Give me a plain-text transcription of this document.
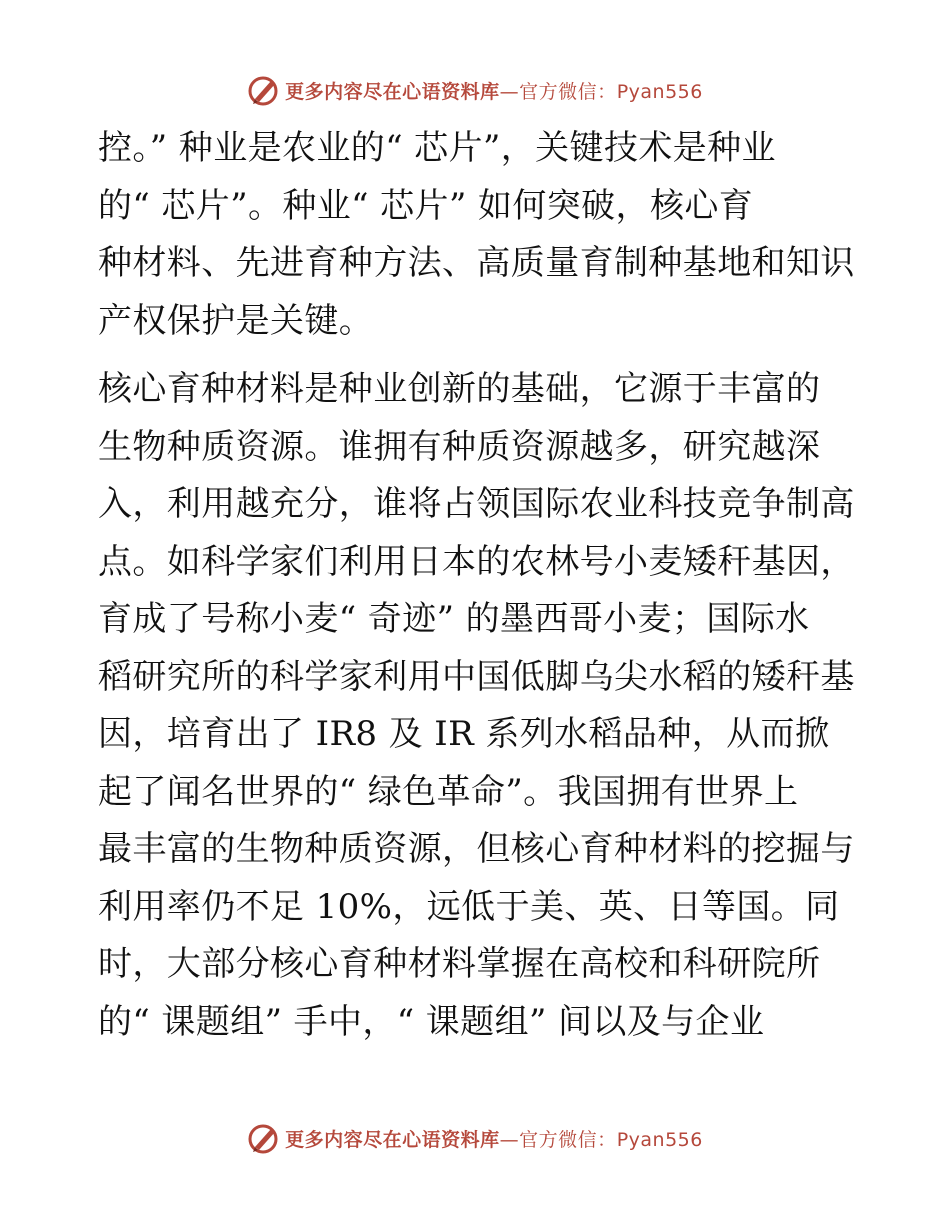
更多内容尽在心语资料库—官方微信：Pyan556
控。” 种业是农业的“ 芯片”，关键技术是种业
的“ 芯片”。种业“ 芯片” 如何突破，核心育
种材料、先进育种方法、高质量育制种基地和知识
产权保护是关键。
核心育种材料是种业创新的基础，它源于丰富的
生物种质资源。谁拥有种质资源越多，研究越深
入，利用越充分，谁将占领国际农业科技竞争制高
点。如科学家们利用日本的农林号小麦矮秆基因，
育成了号称小麦“ 奇迹” 的墨西哥小麦；国际水
稻研究所的科学家利用中国低脚乌尖水稻的矮秆基
因，培育出了 IR8 及 IR 系列水稻品种，从而掀
起了闻名世界的“ 绿色革命”。我国拥有世界上
最丰富的生物种质资源，但核心育种材料的挖掘与
利用率仍不足 10%，远低于美、英、日等国。同
时，大部分核心育种材料掌握在高校和科研院所
的“ 课题组” 手中，“ 课题组” 间以及与企业
更多内容尽在心语资料库—官方微信：Pyan556
